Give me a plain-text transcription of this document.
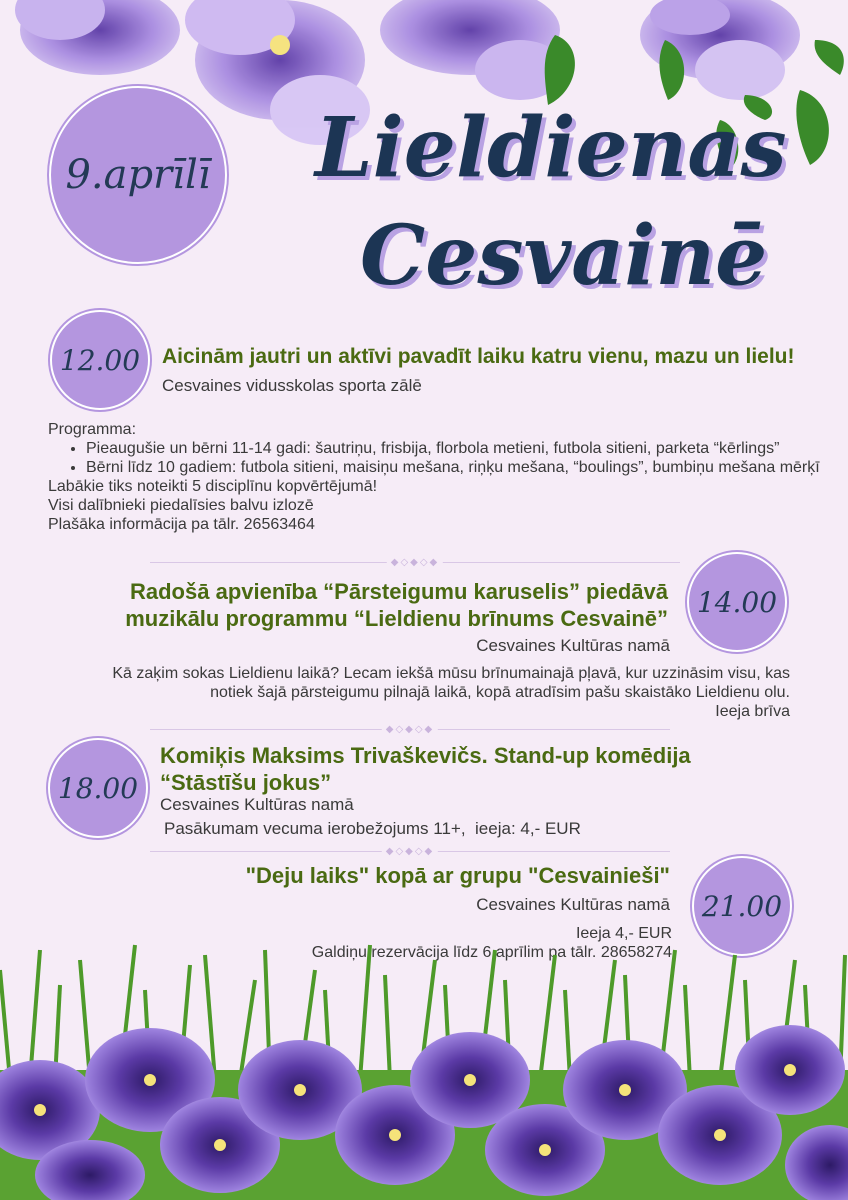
9.aprīlī Lieldienas
Cesvainē
12.00 Aicinām jautri un aktīvi pavadīt laiku katru vienu, mazu un lielu!
Cesvaines vidusskolas sporta zālē
Programma:
• Pieaugušie un bērni 11-14 gadi: šautriņu, frisbija, florbola metieni, futbola sitieni, parketa “kērlings”
• Bērni līdz 10 gadiem: futbola sitieni, maisiņu mešana, riņķu mešana, “boulings”, bumbiņu mešana mērķī
Labākie tiks noteikti 5 disciplīnu kopvērtējumā!
Visi dalībnieki piedalīsies balvu izlozē
Plašāka informācija pa tālr. 26563464
◆◇◆◇◆
Radošā apvienība “Pārsteigumu karuselis” piedāvā
muzikālu programmu “Lieldienu brīnums Cesvainē” 14.00
Cesvaines Kultūras namā
Kā zaķim sokas Lieldienu laikā? Lecam iekšā mūsu brīnumainajā pļavā, kur uzzināsim visu, kas
notiek šajā pārsteigumu pilnajā laikā, kopā atradīsim pašu skaistāko Lieldienu olu.
Ieeja brīva
◆◇◆◇◆
18.00
Komiķis Maksims Trivaškevičs. Stand-up komēdija
“Stāstīšu jokus”
Cesvaines Kultūras namā
Pasākumam vecuma ierobežojums 11+,  ieeja: 4,- EUR
◆◇◆◇◆
"Deju laiks" kopā ar grupu "Cesvainieši"
21.00
Cesvaines Kultūras namā
Ieeja 4,- EUR
Galdiņu rezervācija līdz 6.aprīlim pa tālr. 28658274
